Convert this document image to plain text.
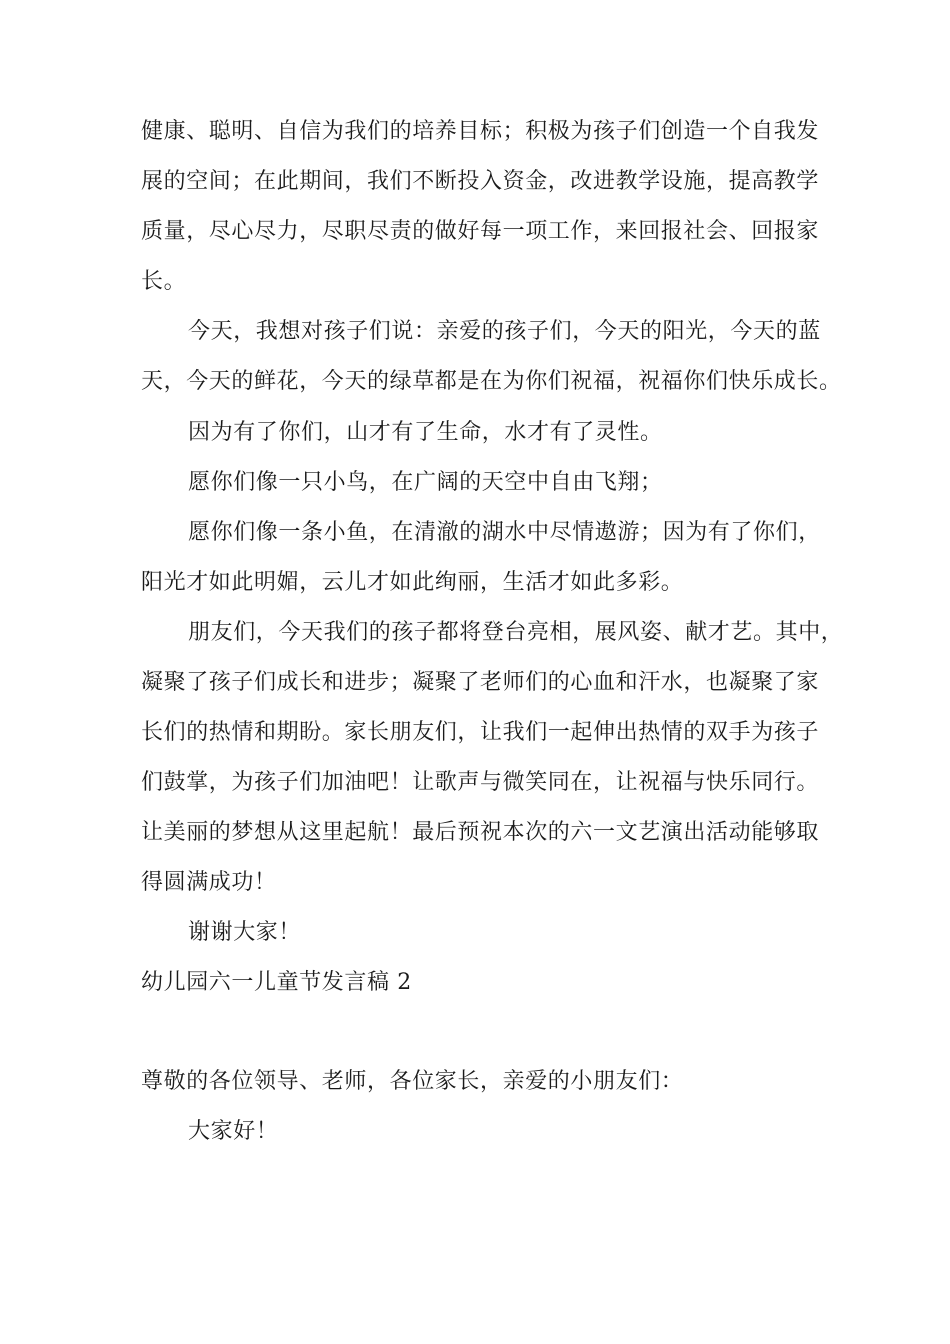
健康、聪明、自信为我们的培养目标；积极为孩子们创造一个自我发
展的空间；在此期间，我们不断投入资金，改进教学设施，提高教学
质量，尽心尽力，尽职尽责的做好每一项工作，来回报社会、回报家
长。
今天，我想对孩子们说：亲爱的孩子们，今天的阳光，今天的蓝
天，今天的鲜花，今天的绿草都是在为你们祝福，祝福你们快乐成长。
因为有了你们，山才有了生命，水才有了灵性。
愿你们像一只小鸟，在广阔的天空中自由飞翔；
愿你们像一条小鱼，在清澈的湖水中尽情遨游；因为有了你们，
阳光才如此明媚，云儿才如此绚丽，生活才如此多彩。
朋友们，今天我们的孩子都将登台亮相，展风姿、献才艺。其中，
凝聚了孩子们成长和进步；凝聚了老师们的心血和汗水，也凝聚了家
长们的热情和期盼。家长朋友们，让我们一起伸出热情的双手为孩子
们鼓掌，为孩子们加油吧！让歌声与微笑同在，让祝福与快乐同行。
让美丽的梦想从这里起航！最后预祝本次的六一文艺演出活动能够取
得圆满成功！
谢谢大家！
幼儿园六一儿童节发言稿 2
尊敬的各位领导、老师，各位家长，亲爱的小朋友们：
大家好！
